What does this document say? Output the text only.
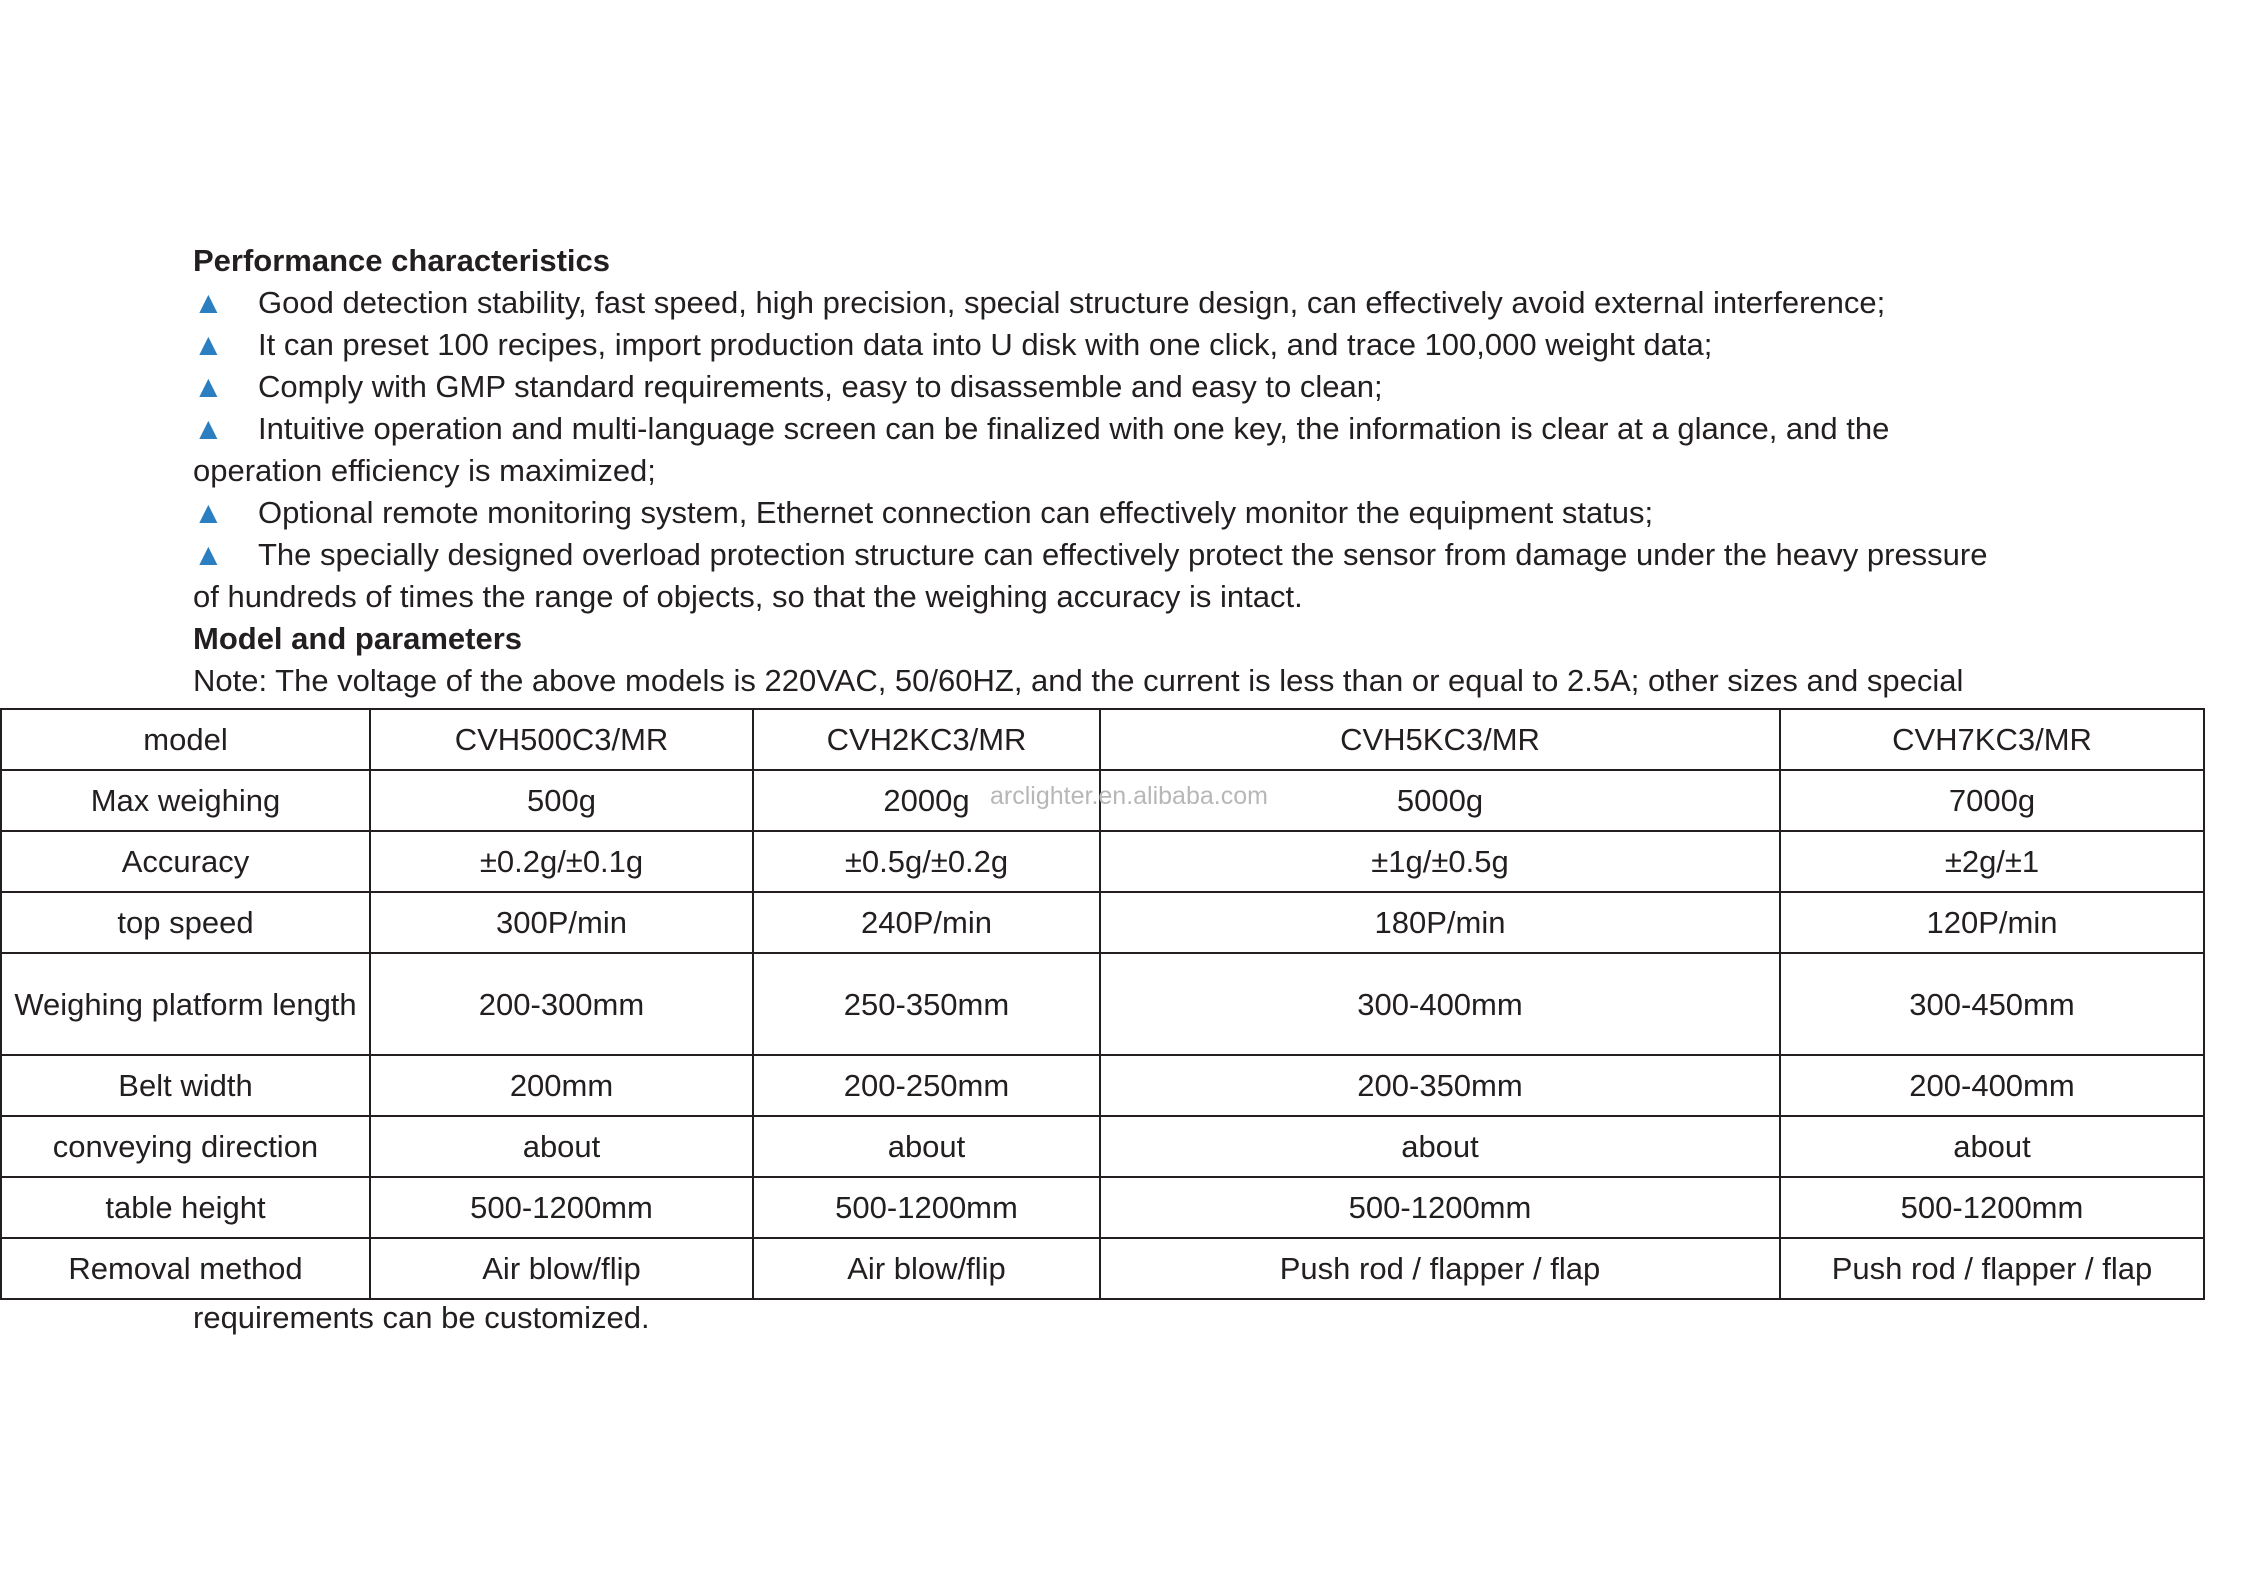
Performance characteristics
▲ Good detection stability, fast speed, high precision, special structure design, can effectively avoid external interference;
▲ It can preset 100 recipes, import production data into U disk with one click, and trace 100,000 weight data;
▲ Comply with GMP standard requirements, easy to disassemble and easy to clean;
▲ Intuitive operation and multi-language screen can be finalized with one key, the information is clear at a glance, and the
operation efficiency is maximized;
▲ Optional remote monitoring system, Ethernet connection can effectively monitor the equipment status;
▲ The specially designed overload protection structure can effectively protect the sensor from damage under the heavy pressure
of hundreds of times the range of objects, so that the weighing accuracy is intact.
Model and parameters
Note: The voltage of the above models is 220VAC, 50/60HZ, and the current is less than or equal to 2.5A; other sizes and special
model	CVH500C3/MR	CVH2KC3/MR	CVH5KC3/MR	CVH7KC3/MR
Max weighing	500g	2000g	5000g	7000g
Accuracy	±0.2g/±0.1g	±0.5g/±0.2g	±1g/±0.5g	±2g/±1
top speed	300P/min	240P/min	180P/min	120P/min
Weighing platform length	200-300mm	250-350mm	300-400mm	300-450mm
Belt width	200mm	200-250mm	200-350mm	200-400mm
conveying direction	about	about	about	about
table height	500-1200mm	500-1200mm	500-1200mm	500-1200mm
Removal method	Air blow/flip	Air blow/flip	Push rod / flapper / flap	Push rod / flapper / flap
arclighter.en.alibaba.com
requirements can be customized.
